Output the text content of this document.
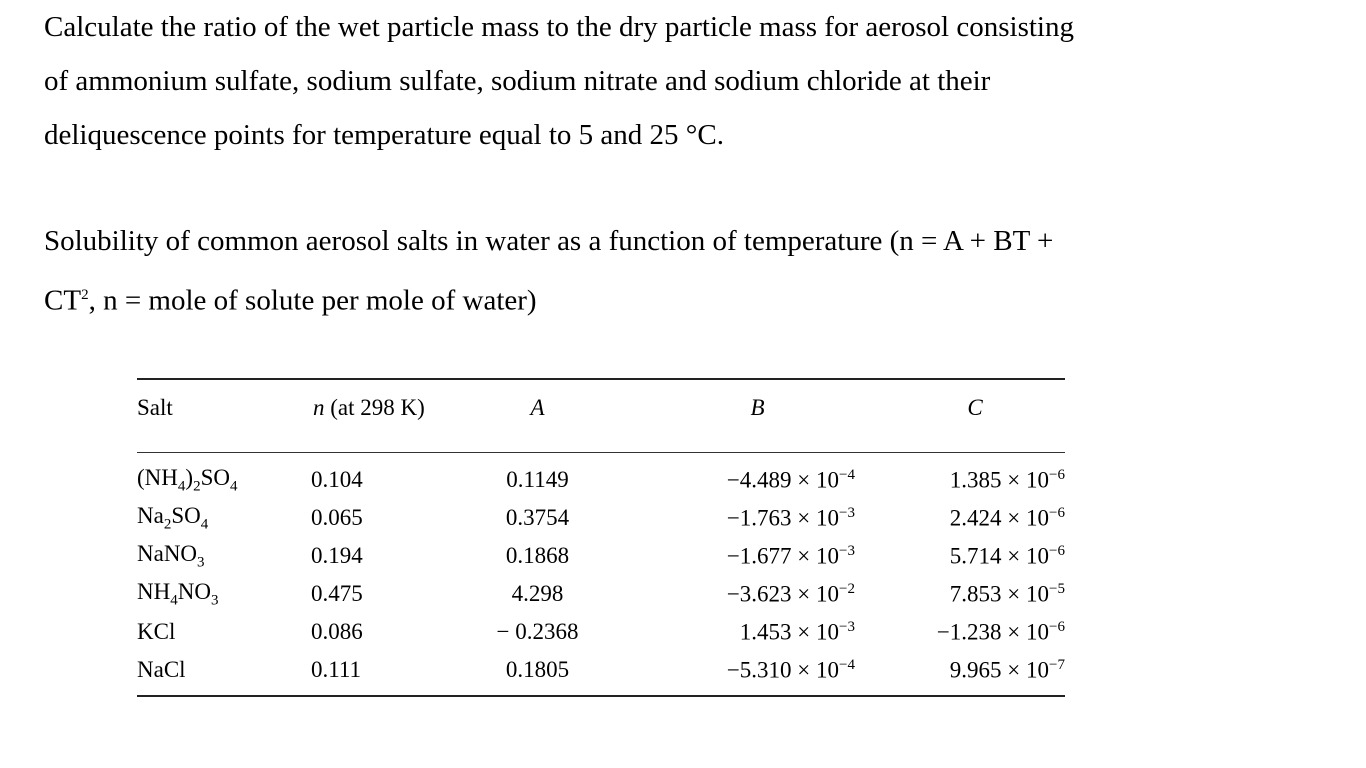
Calculate the ratio of the wet particle mass to the dry particle mass for aerosol consisting
of ammonium sulfate, sodium sulfate, sodium nitrate and sodium chloride at their
deliquescence points for temperature equal to 5 and 25 °C.

Solubility of common aerosol salts in water as a function of temperature (n = A + BT +
$CT^2$, n = mole of solute per mole of water)

Salt	n (at 298 K)	A	B	C
$(NH_4)_2SO_4$	0.104	0.1149	$-4.489 \times 10^{-4}$	$1.385 \times 10^{-6}$
$Na_2SO_4$	0.065	0.3754	$-1.763 \times 10^{-3}$	$2.424 \times 10^{-6}$
NaNO$_3$	0.194	0.1868	$-1.677 \times 10^{-3}$	$5.714 \times 10^{-6}$
$NH_4NO_3$	0.475	4.298	$-3.623 \times 10^{-2}$	$7.853 \times 10^{-5}$
KCl	0.086	− 0.2368	$1.453 \times 10^{-3}$	$-1.238 \times 10^{-6}$
NaCl	0.111	0.1805	$-5.310 \times 10^{-4}$	$9.965 \times 10^{-7}$
